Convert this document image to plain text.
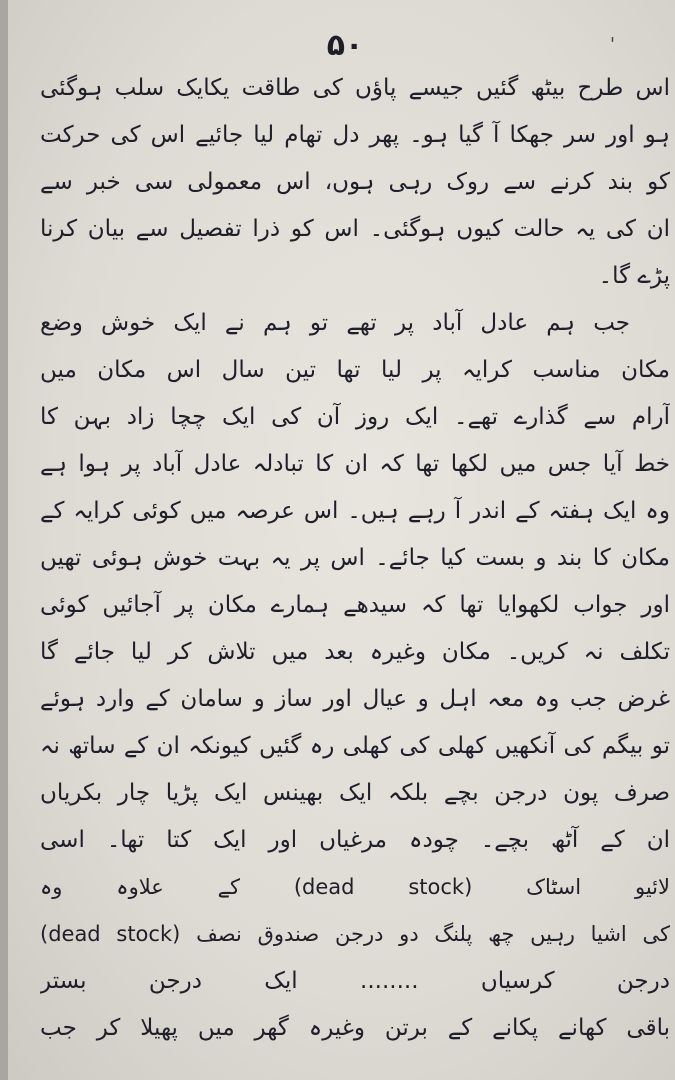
۵۰	'
اس طرح بیٹھ گئیں جیسے پاؤں کی طاقت یکایک سلب ہوگئی
ہو اور سر جھکا آ گیا ہو۔ پھر دل تھام لیا جائیے اس کی حرکت
کو بند کرنے سے روک رہی ہوں، اس معمولی سی خبر سے
ان کی یہ حالت کیوں ہوگئی۔ اس کو ذرا تفصیل سے بیان کرنا
پڑے گا۔
جب ہم عادل آباد پر تھے تو ہم نے ایک خوش وضع
مکان مناسب کرایہ پر لیا تھا تین سال اس مکان میں
آرام سے گذارے تھے۔ ایک روز آن کی ایک چچا زاد بہن کا
خط آیا جس میں لکھا تھا کہ ان کا تبادلہ عادل آباد پر ہوا ہے
وہ ایک ہفتہ کے اندر آ رہے ہیں۔ اس عرصہ میں کوئی کرایہ کے
مکان کا بند و بست کیا جائے۔ اس پر یہ بہت خوش ہوئی تھیں
اور جواب لکھوایا تھا کہ سیدھے ہمارے مکان پر آجائیں کوئی
تکلف نہ کریں۔ مکان وغیرہ بعد میں تلاش کر لیا جائے گا
غرض جب وہ معہ اہل و عیال اور ساز و سامان کے وارد ہوئے
تو بیگم کی آنکھیں کھلی کی کھلی رہ گئیں کیونکہ ان کے ساتھ نہ
صرف پون درجن بچے بلکہ ایک بھینس ایک پڑیا چار بکریاں
ان کے آٹھ بچے۔ چودہ مرغیاں اور ایک کتا تھا۔ اسی
لائیو اسٹاک (dead stock) کے علاوہ وہ
(dead stock) کی اشیا رہیں چھ پلنگ دو درجن صندوق نصف
درجن کرسیاں ........ ایک درجن بستر
باقی کھانے پکانے کے برتن وغیرہ گھر میں پھیلا کر جب
